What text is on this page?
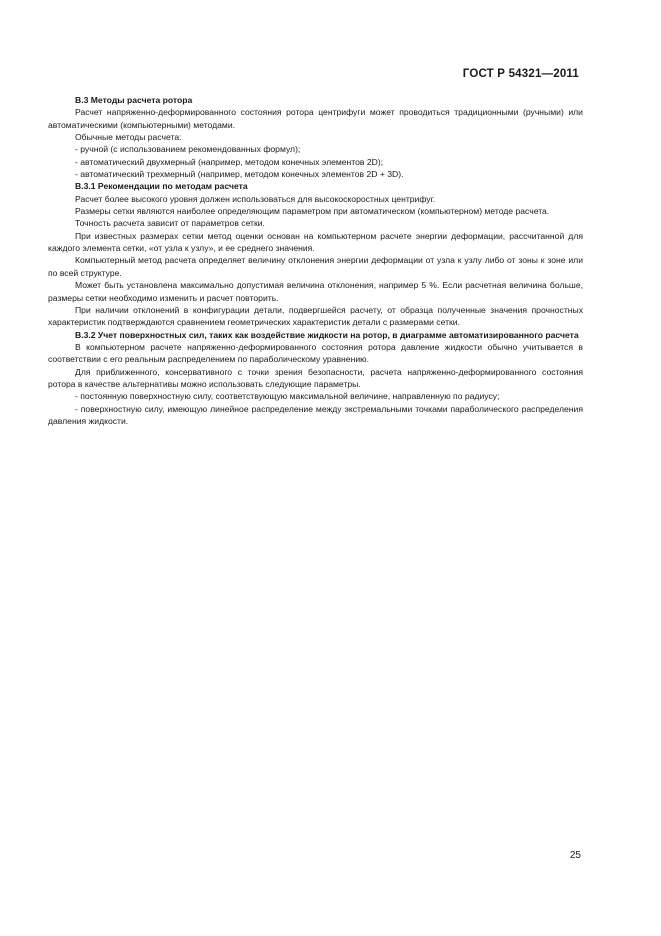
ГОСТ Р 54321—2011

В.3 Методы расчета ротора

Расчет напряженно-деформированного состояния ротора центрифуги может проводиться традиционными (ручными) или автоматическими (компьютерными) методами.

Обычные методы расчета:

- ручной (с использованием рекомендованных формул);

- автоматический двухмерный (например, методом конечных элементов 2D);

- автоматический трехмерный (например, методом конечных элементов 2D + 3D).

В.3.1 Рекомендации по методам расчета

Расчет более высокого уровня должен использоваться для высокоскоростных центрифуг.

Размеры сетки являются наиболее определяющим параметром при автоматическом (компьютерном) методе расчета.

Точность расчета зависит от параметров сетки.

При известных размерах сетки метод оценки основан на компьютерном расчете энергии деформации, рассчитанной для каждого элемента сетки, «от узла к узлу», и ее среднего значения.

Компьютерный метод расчета определяет величину отклонения энергии деформации от узла к узлу либо от зоны к зоне или по всей структуре.

Может быть установлена максимально допустимая величина отклонения, например 5 %. Если расчетная величина больше, размеры сетки необходимо изменить и расчет повторить.

При наличии отклонений в конфигурации детали, подвергшейся расчету, от образца полученные значения прочностных характеристик подтверждаются сравнением геометрических характеристик детали с размерами сетки.

В.3.2 Учет поверхностных сил, таких как воздействие жидкости на ротор, в диаграмме автоматизированного расчета

В компьютерном расчете напряженно-деформированного состояния ротора давление жидкости обычно учитывается в соответствии с его реальным распределением по параболическому уравнению.

Для приближенного, консервативного с точки зрения безопасности, расчета напряженно-деформированного состояния ротора в качестве альтернативы можно использовать следующие параметры.

- постоянную поверхностную силу, соответствующую максимальной величине, направленную по радиусу;

- поверхностную силу, имеющую линейное распределение между экстремальными точками параболического распределения давления жидкости.

25
